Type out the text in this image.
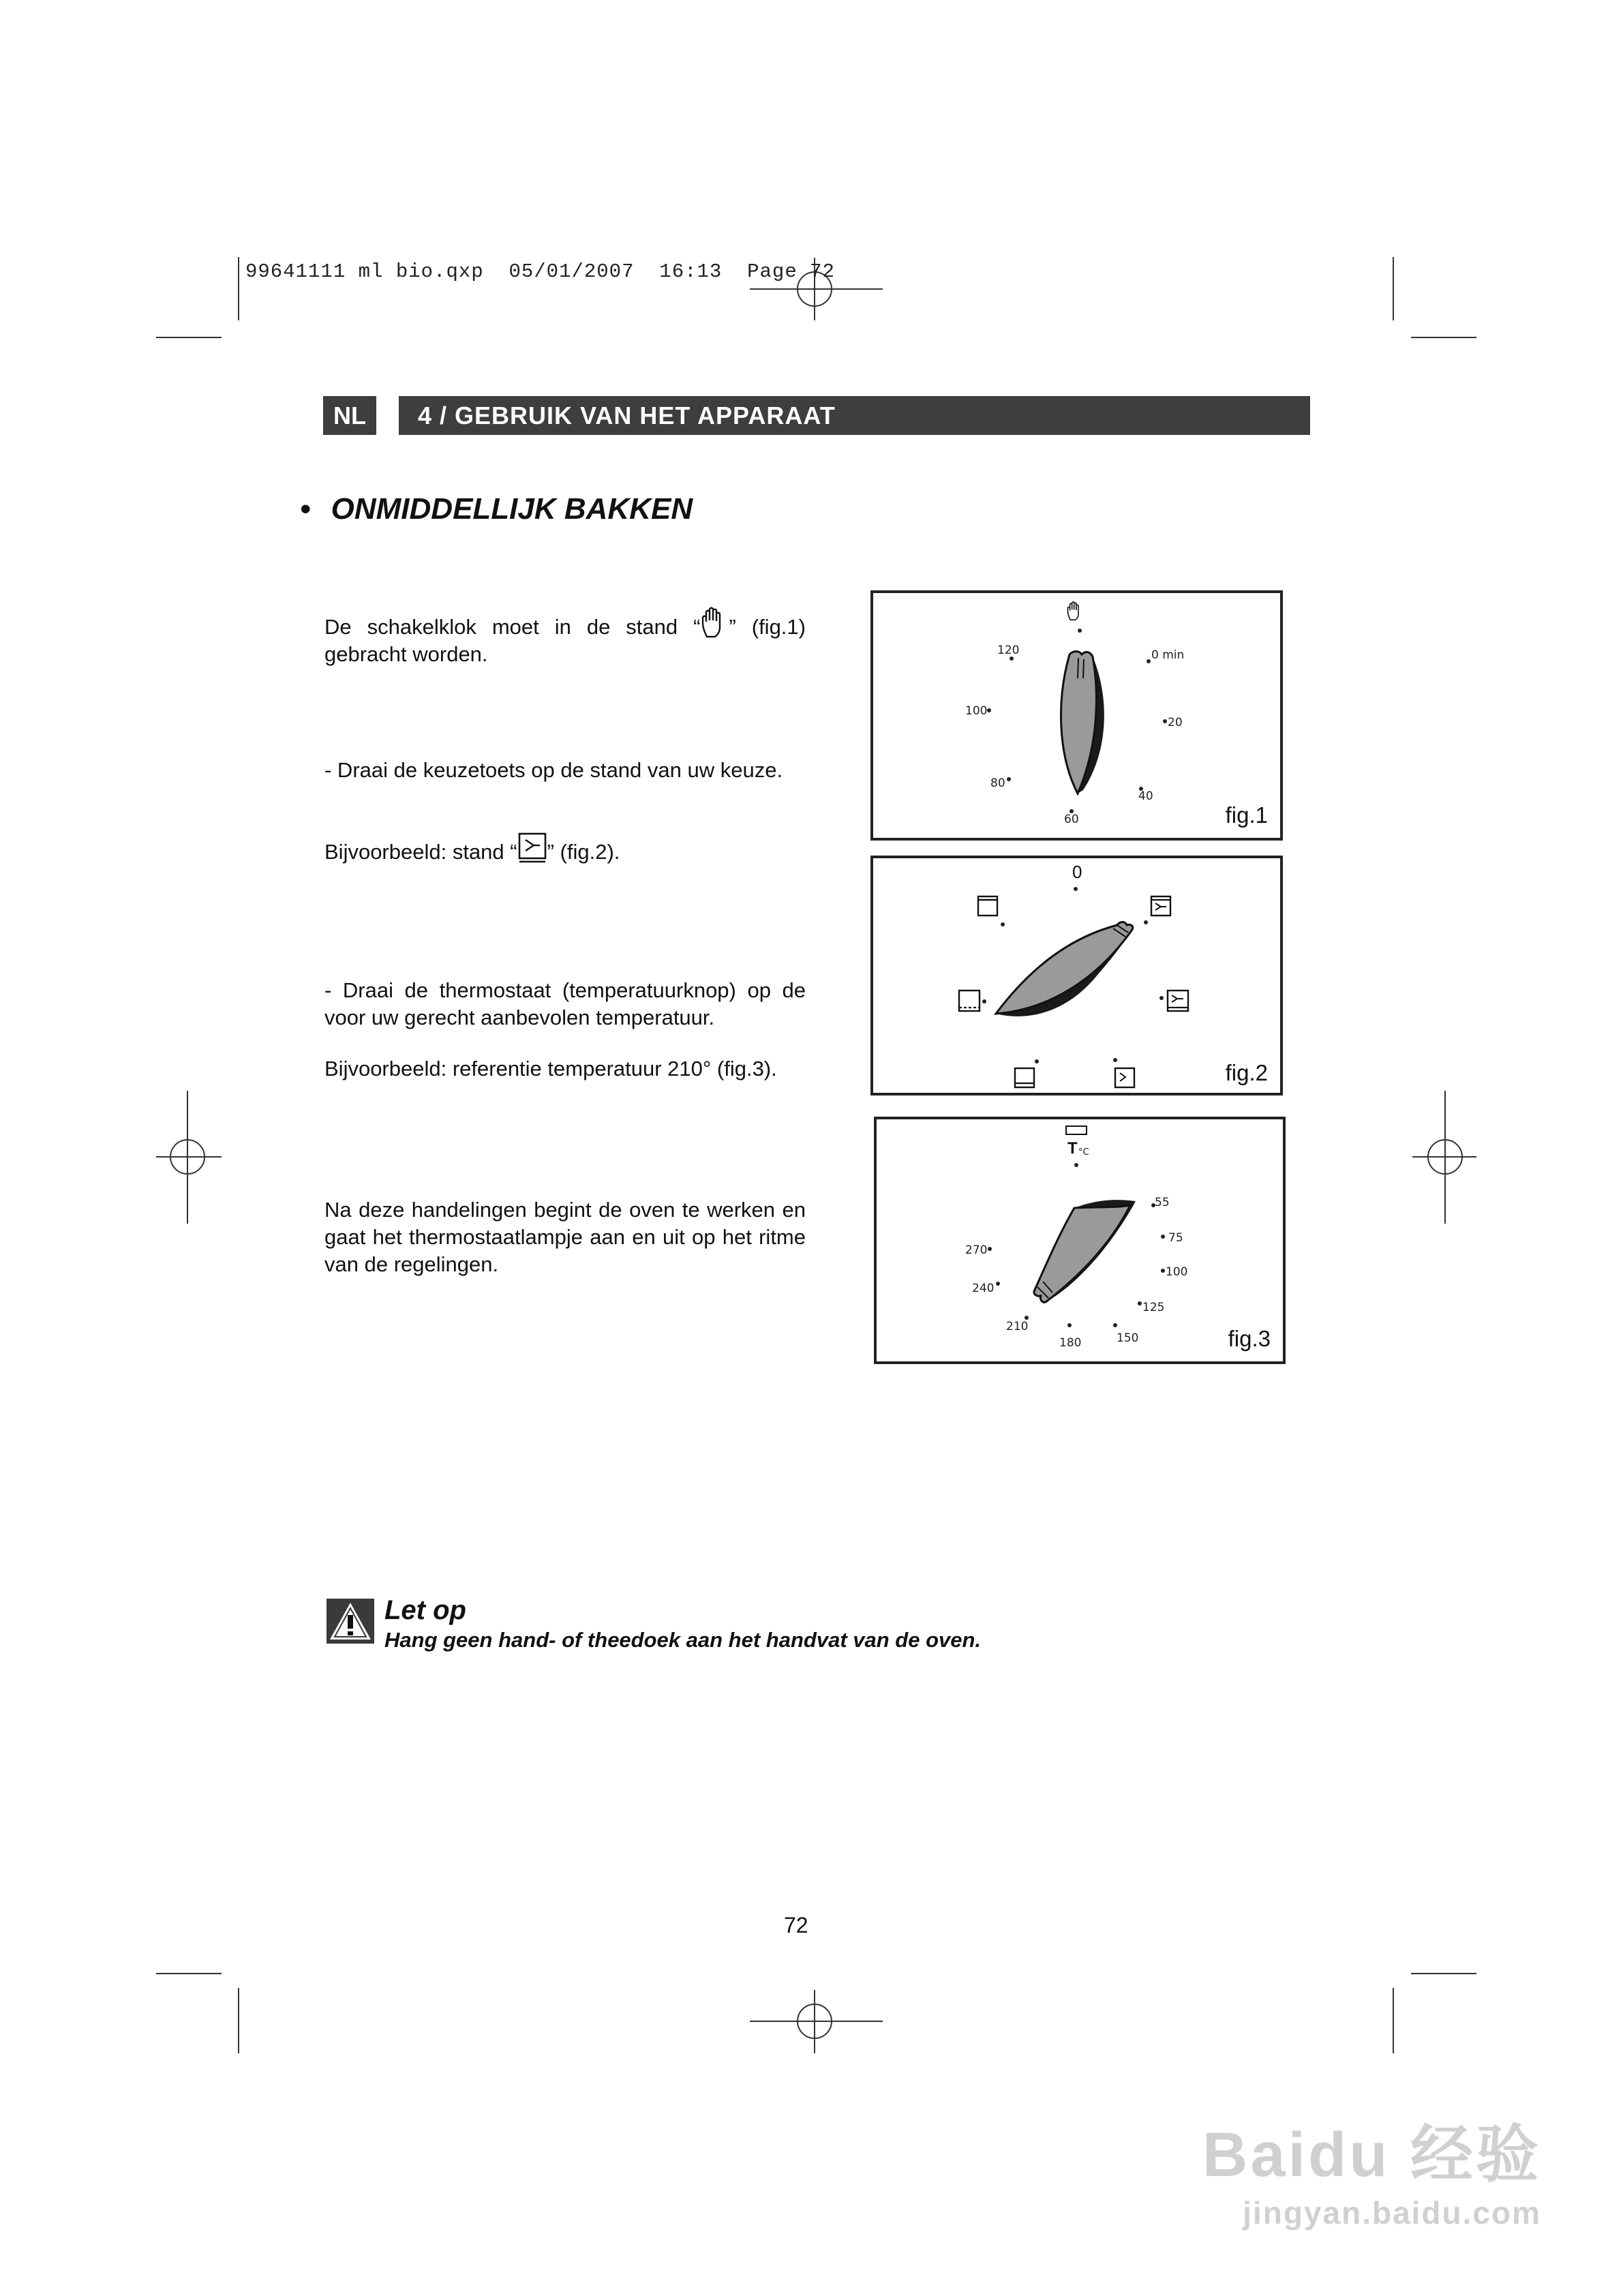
99641111 ml bio.qxp  05/01/2007  16:13  Page 72
NL	4 / GEBRUIK VAN HET APPARAAT
• ONMIDDELLIJK BAKKEN
De schakelklok moet in de stand “ ” (fig.1) gebracht worden.
- Draai de keuzetoets op de stand van uw keuze.
Bijvoorbeeld: stand “ ” (fig.2).
- Draai de thermostaat (temperatuurknop) op de voor uw gerecht aanbevolen temperatuur.
Bijvoorbeeld: referentie temperatuur 210° (fig.3).
Na deze handelingen begint de oven te werken en gaat het thermostaatlampje aan en uit op het ritme van de regelingen.
120	0 min
100
20
80
40
60	fig.1
0
fig.2
T °C
55
75
270
100
240
125
210
150
180	fig.3
Let op
Hang geen hand- of theedoek aan het handvat van de oven.
72
Baidu 经验
jingyan.baidu.com
